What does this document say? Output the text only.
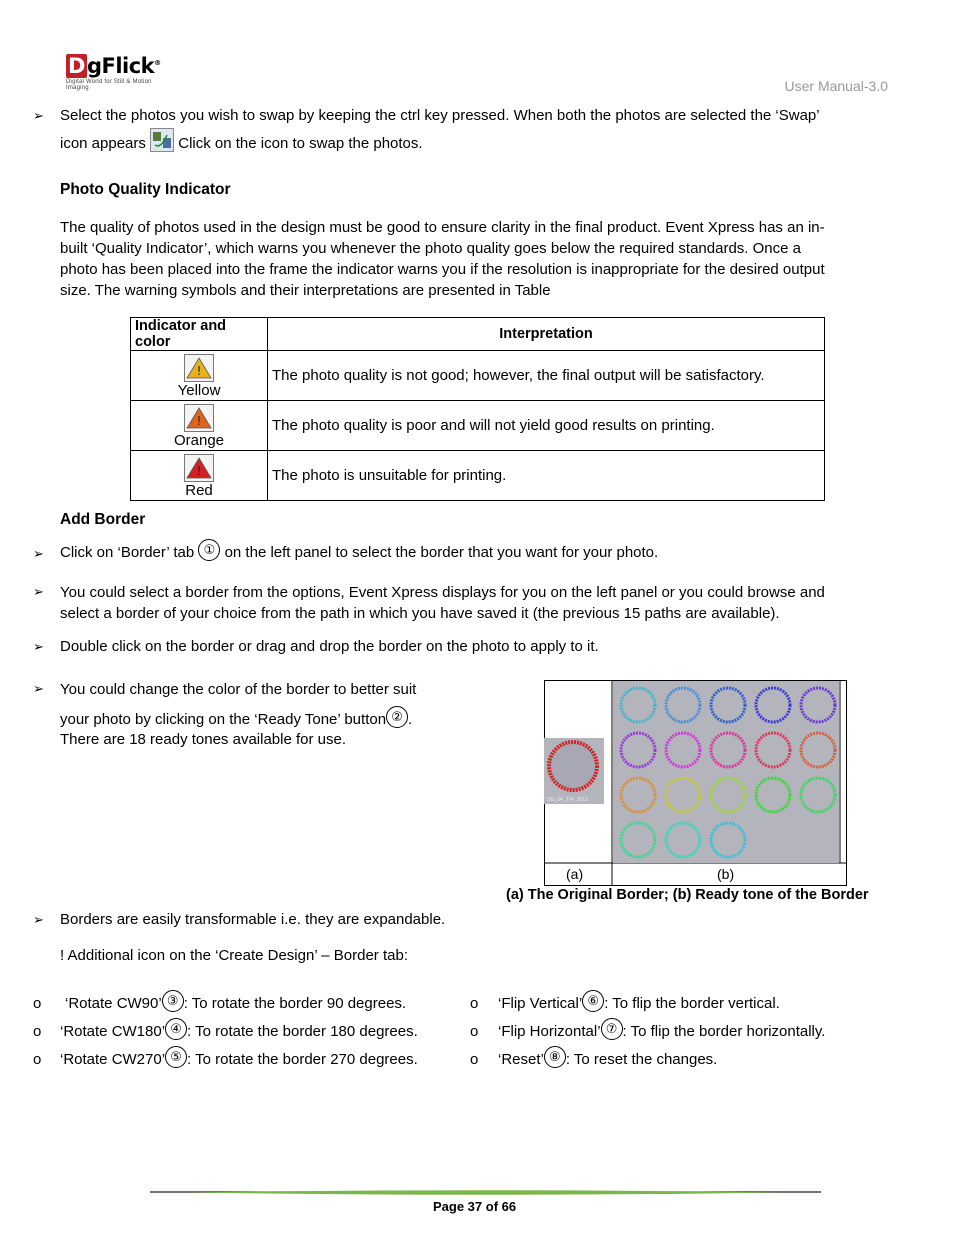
DgFlick®
Digital World for Still & Motion Imaging	User Manual-3.0
➢ Select the photos you wish to swap by keeping the ctrl key pressed. When both the photos are selected the ‘Swap’

icon appears Click on the icon to swap the photos.

Photo Quality Indicator

The quality of photos used in the design must be good to ensure clarity in the final product. Event Xpress has an in-
built ‘Quality Indicator’, which warns you whenever the photo quality goes below the required standards. Once a
photo has been placed into the frame the indicator warns you if the resolution is inappropriate for the desired output
size. The warning symbols and their interpretations are presented in Table
Indicator and color	Interpretation

!
Yellow	The photo quality is not good; however, the final output will be satisfactory.

!
Orange	The photo quality is poor and will not yield good results on printing.

!
Red	The photo is unsuitable for printing.

Add Border

➢ Click on ‘Border’ tab ① on the left panel to select the border that you want for your photo.

➢ You could select a border from the options, Event Xpress displays for you on the left panel or you could browse and
select a border of your choice from the path in which you have saved it (the previous 15 paths are available).
➢ Double click on the border or drag and drop the border on the photo to apply to it.

➢ You could change the color of the border to better suit
your photo by clicking on the ‘Ready Tone’ button ② .
There are 18 ready tones available for use.
(a)	(b)
DG_04_274_1015

(a) The Original Border; (b) Ready tone of the Border

➢ Borders are easily transformable i.e. they are expandable.

! Additional icon on the ‘Create Design’ – Border tab:

o ‘Rotate CW90’ ③ : To rotate the border 90 degrees.
o ‘Rotate CW180’ ④ : To rotate the border 180 degrees.
o ‘Rotate CW270’ ⑤ : To rotate the border 270 degrees.
o ‘Flip Vertical’ ⑥ : To flip the border vertical.
o ‘Flip Horizontal’ ⑦ : To flip the border horizontally.
o ‘Reset’ ⑧ : To reset the changes.

Page 37 of 66
